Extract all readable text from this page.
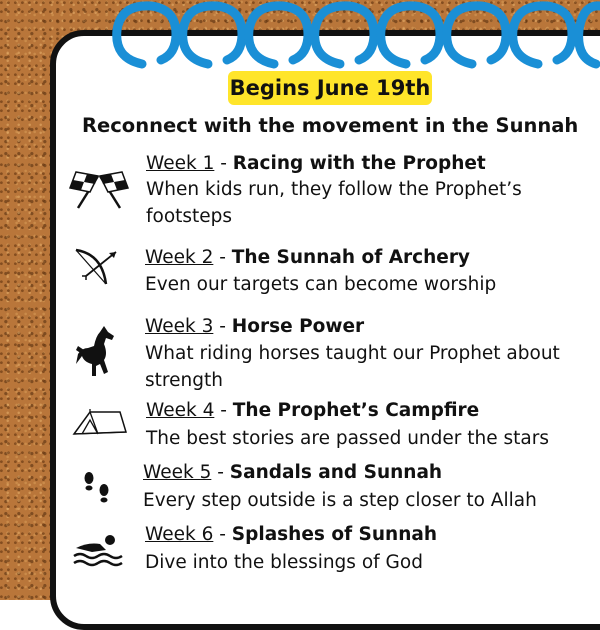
Begins June 19th
Reconnect with the movement in the Sunnah
Week 1 - Racing with the Prophet
When kids run, they follow the Prophet’s footsteps
Week 2 - The Sunnah of Archery
Even our targets can become worship
Week 3 - Horse Power
What riding horses taught our Prophet about strength
Week 4 - The Prophet’s Campfire
The best stories are passed under the stars
Week 5 - Sandals and Sunnah
Every step outside is a step closer to Allah
Week 6 - Splashes of Sunnah
Dive into the blessings of God
